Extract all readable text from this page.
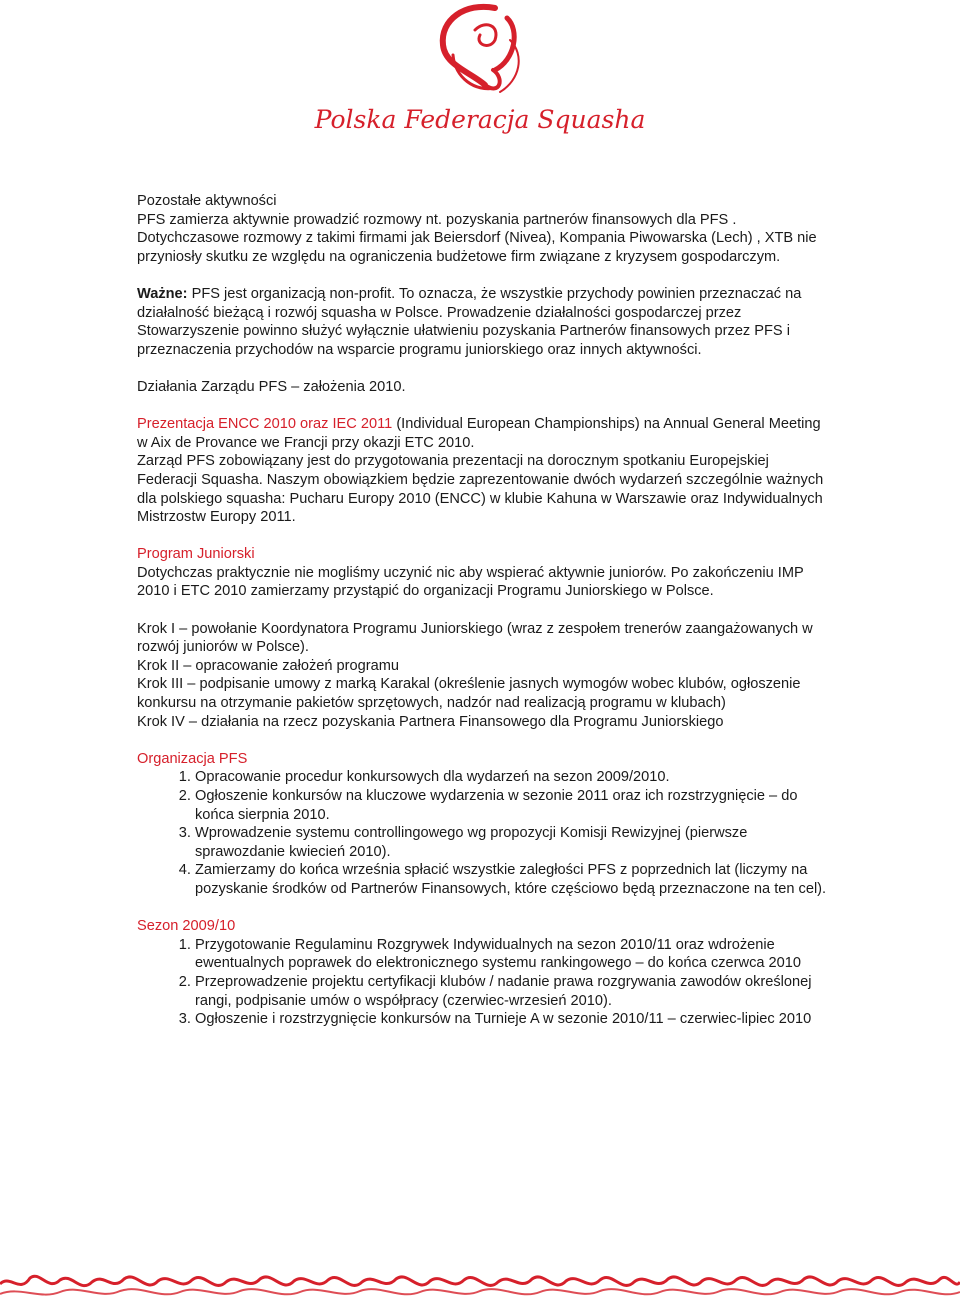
Polska Federacja Squasha

Pozostałe aktywności

PFS zamierza aktywnie prowadzić rozmowy nt. pozyskania partnerów finansowych dla PFS . Dotychczasowe rozmowy z takimi firmami jak Beiersdorf (Nivea), Kompania Piwowarska (Lech) , XTB nie przyniosły skutku ze względu na ograniczenia budżetowe firm związane z kryzysem gospodarczym.

Ważne: PFS jest organizacją non-profit. To oznacza, że wszystkie przychody powinien przeznaczać na działalność bieżącą i rozwój squasha w Polsce. Prowadzenie działalności gospodarczej przez Stowarzyszenie powinno służyć wyłącznie ułatwieniu pozyskania Partnerów finansowych przez PFS i przeznaczenia przychodów na wsparcie programu juniorskiego oraz innych aktywności.

Działania Zarządu PFS – założenia 2010.

Prezentacja ENCC 2010 oraz IEC 2011 (Individual European Championships) na Annual General Meeting w Aix de Provance we Francji przy okazji ETC 2010.

Zarząd PFS zobowiązany jest do przygotowania prezentacji na dorocznym spotkaniu Europejskiej Federacji Squasha. Naszym obowiązkiem będzie zaprezentowanie dwóch wydarzeń szczególnie ważnych dla polskiego squasha: Pucharu Europy 2010 (ENCC) w klubie Kahuna w Warszawie oraz Indywidualnych Mistrzostw Europy 2011.

Program Juniorski

Dotychczas praktycznie nie mogliśmy uczynić nic aby wspierać aktywnie juniorów. Po zakończeniu IMP 2010 i ETC 2010 zamierzamy przystąpić do organizacji Programu Juniorskiego w Polsce.

Krok I – powołanie Koordynatora Programu Juniorskiego (wraz z zespołem trenerów zaangażowanych w rozwój juniorów w Polsce).

Krok II – opracowanie założeń programu

Krok III – podpisanie umowy z marką Karakal (określenie jasnych wymogów wobec klubów, ogłoszenie konkursu na otrzymanie pakietów sprzętowych, nadzór nad realizacją programu w klubach)

Krok IV – działania na rzecz pozyskania Partnera Finansowego dla Programu Juniorskiego

Organizacja PFS

1. Opracowanie procedur konkursowych dla wydarzeń na sezon 2009/2010.
2. Ogłoszenie konkursów na kluczowe wydarzenia w sezonie 2011 oraz ich rozstrzygnięcie – do końca sierpnia 2010.
3. Wprowadzenie systemu controllingowego wg propozycji Komisji Rewizyjnej (pierwsze sprawozdanie kwiecień 2010).
4. Zamierzamy do końca września spłacić wszystkie zaległości PFS z poprzednich lat (liczymy na pozyskanie środków od Partnerów Finansowych, które częściowo będą przeznaczone na ten cel).

Sezon 2009/10

1. Przygotowanie Regulaminu Rozgrywek Indywidualnych na sezon 2010/11 oraz wdrożenie ewentualnych poprawek do elektronicznego systemu rankingowego – do końca czerwca 2010
2. Przeprowadzenie projektu certyfikacji klubów / nadanie prawa rozgrywania zawodów określonej rangi, podpisanie umów o współpracy (czerwiec-wrzesień 2010).
3. Ogłoszenie i rozstrzygnięcie konkursów na Turnieje A w sezonie 2010/11 – czerwiec-lipiec 2010
